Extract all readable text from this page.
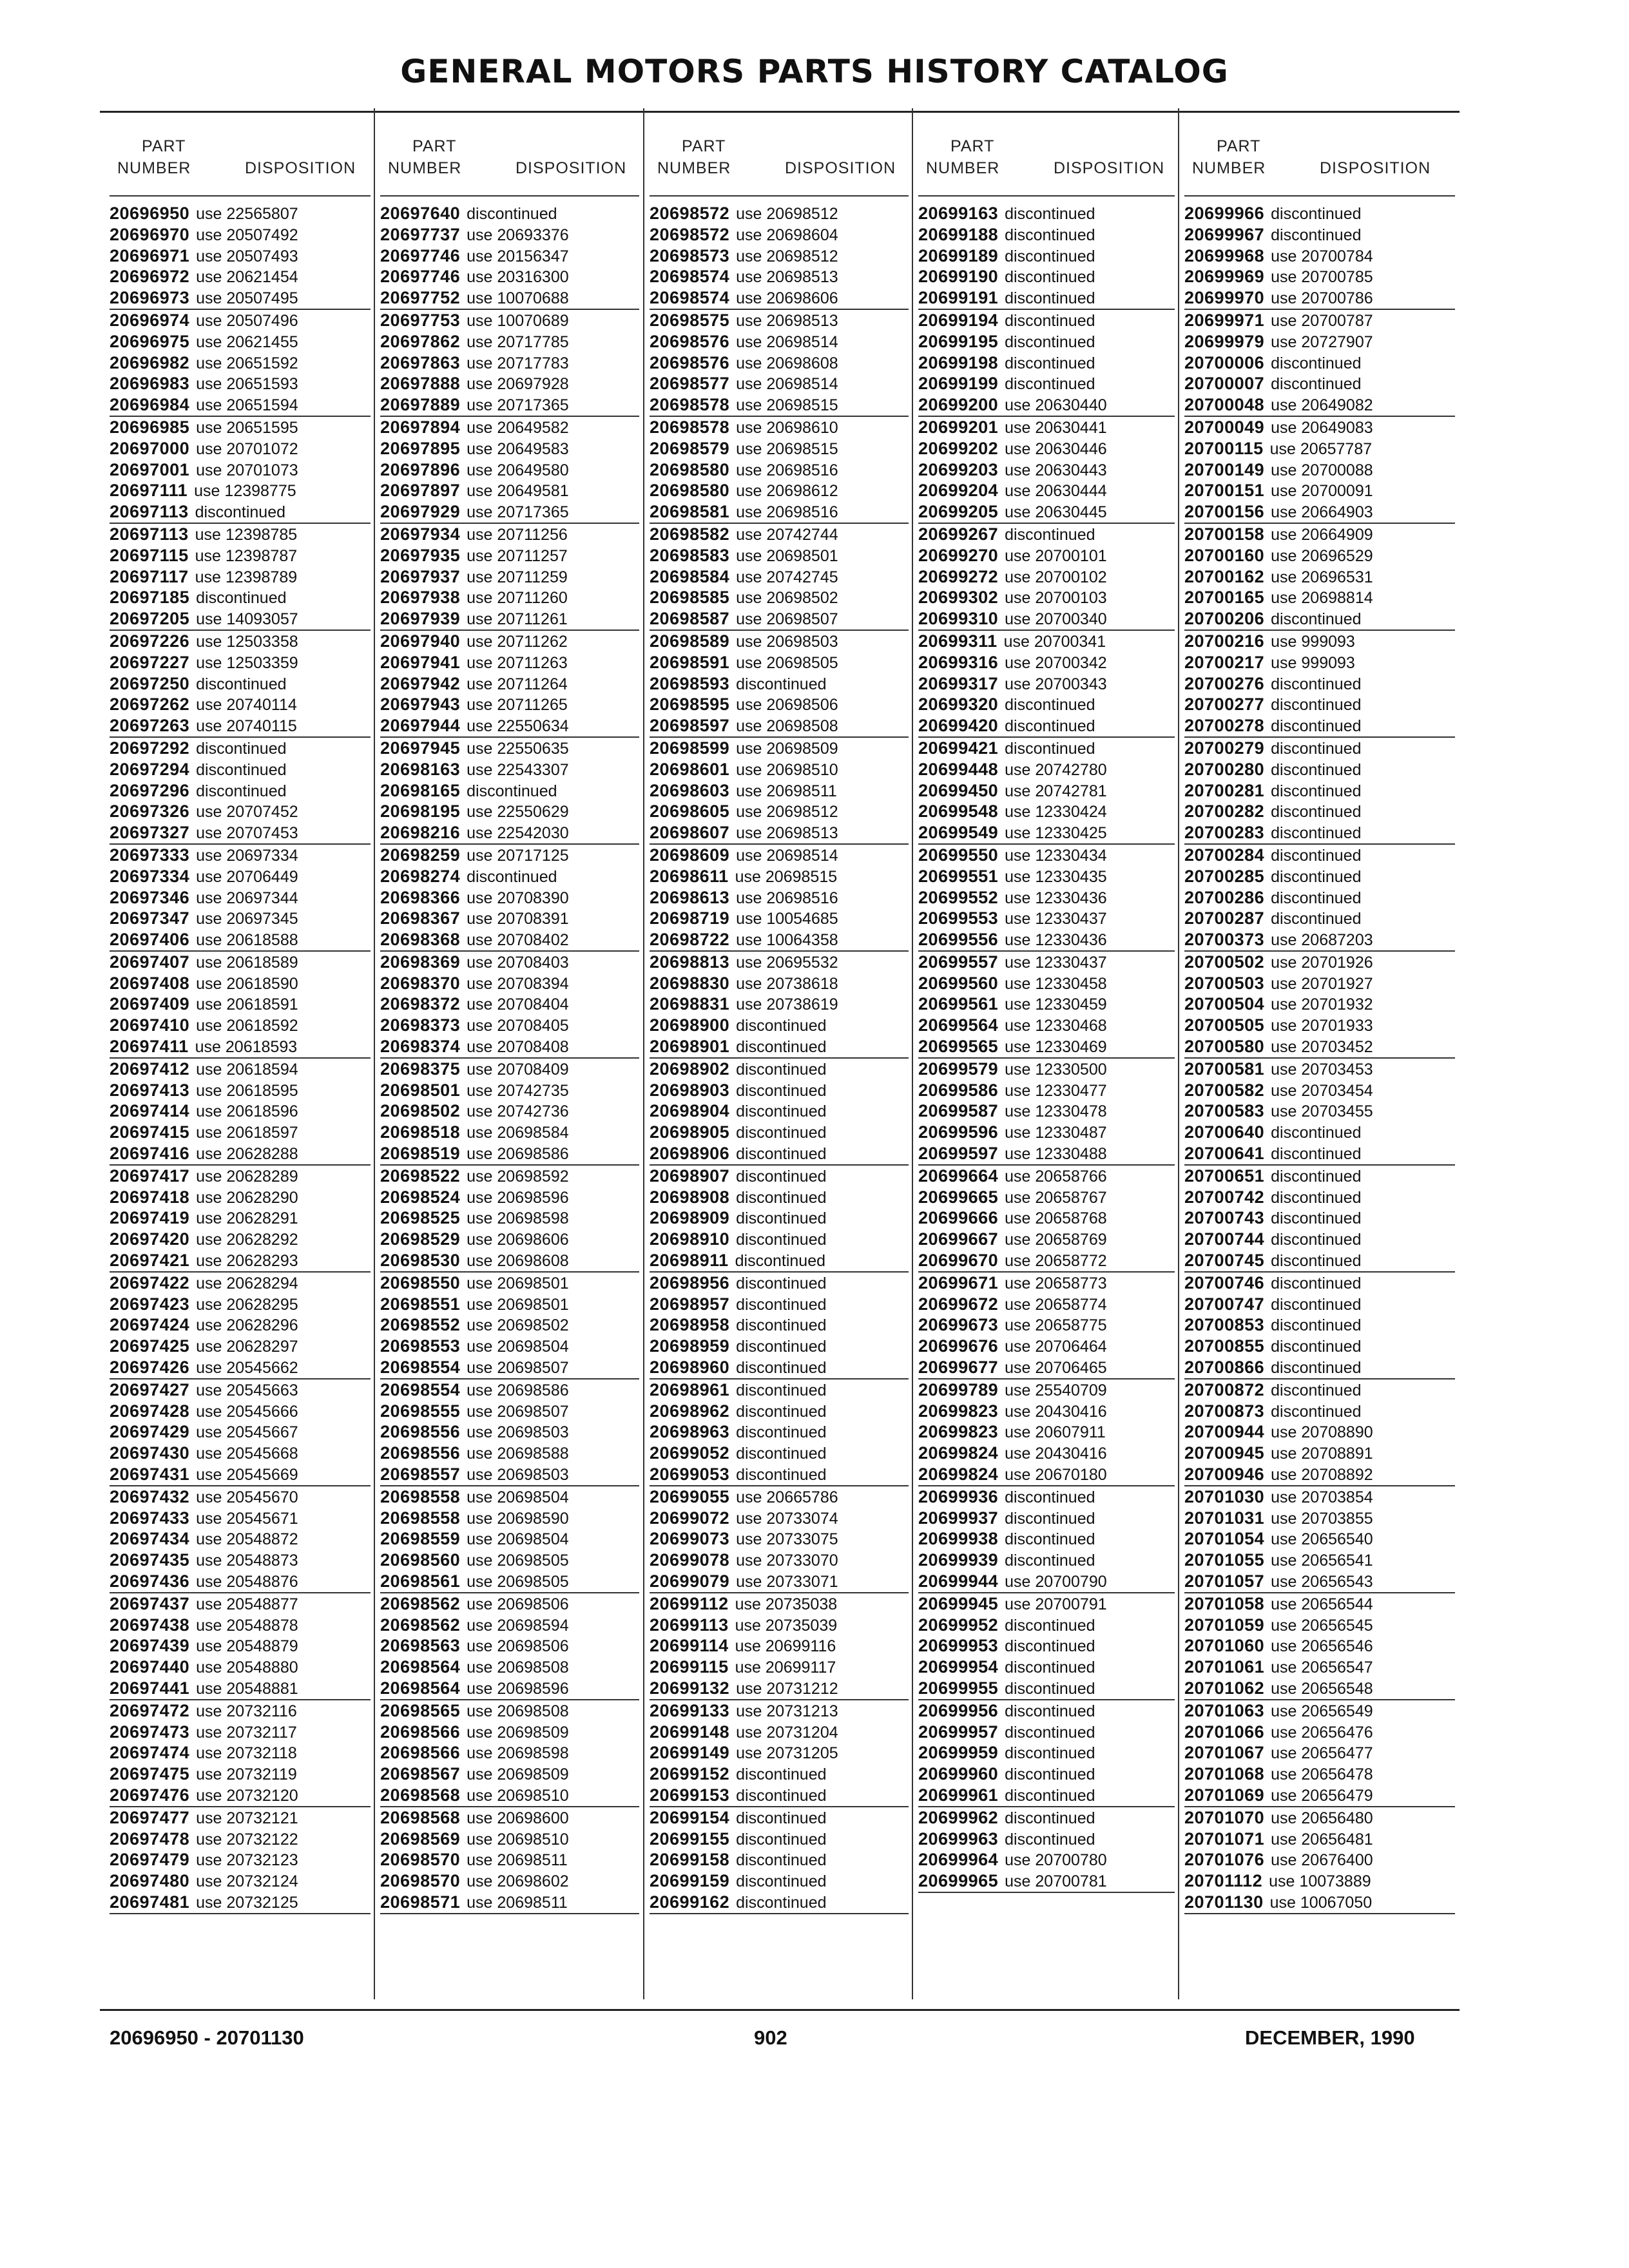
GENERAL MOTORS PARTS HISTORY CATALOG
PART
NUMBER	DISPOSITION
20696950 use 22565807
20696970 use 20507492
20696971 use 20507493
20696972 use 20621454
20696973 use 20507495
20696974 use 20507496
20696975 use 20621455
20696982 use 20651592
20696983 use 20651593
20696984 use 20651594
20696985 use 20651595
20697000 use 20701072
20697001 use 20701073
20697111 use 12398775
20697113 discontinued
20697113 use 12398785
20697115 use 12398787
20697117 use 12398789
20697185 discontinued
20697205 use 14093057
20697226 use 12503358
20697227 use 12503359
20697250 discontinued
20697262 use 20740114
20697263 use 20740115
20697292 discontinued
20697294 discontinued
20697296 discontinued
20697326 use 20707452
20697327 use 20707453
20697333 use 20697334
20697334 use 20706449
20697346 use 20697344
20697347 use 20697345
20697406 use 20618588
20697407 use 20618589
20697408 use 20618590
20697409 use 20618591
20697410 use 20618592
20697411 use 20618593
20697412 use 20618594
20697413 use 20618595
20697414 use 20618596
20697415 use 20618597
20697416 use 20628288
20697417 use 20628289
20697418 use 20628290
20697419 use 20628291
20697420 use 20628292
20697421 use 20628293
20697422 use 20628294
20697423 use 20628295
20697424 use 20628296
20697425 use 20628297
20697426 use 20545662
20697427 use 20545663
20697428 use 20545666
20697429 use 20545667
20697430 use 20545668
20697431 use 20545669
20697432 use 20545670
20697433 use 20545671
20697434 use 20548872
20697435 use 20548873
20697436 use 20548876
20697437 use 20548877
20697438 use 20548878
20697439 use 20548879
20697440 use 20548880
20697441 use 20548881
20697472 use 20732116
20697473 use 20732117
20697474 use 20732118
20697475 use 20732119
20697476 use 20732120
20697477 use 20732121
20697478 use 20732122
20697479 use 20732123
20697480 use 20732124
20697481 use 20732125
PART
NUMBER	DISPOSITION
20697640 discontinued
20697737 use 20693376
20697746 use 20156347
20697746 use 20316300
20697752 use 10070688
20697753 use 10070689
20697862 use 20717785
20697863 use 20717783
20697888 use 20697928
20697889 use 20717365
20697894 use 20649582
20697895 use 20649583
20697896 use 20649580
20697897 use 20649581
20697929 use 20717365
20697934 use 20711256
20697935 use 20711257
20697937 use 20711259
20697938 use 20711260
20697939 use 20711261
20697940 use 20711262
20697941 use 20711263
20697942 use 20711264
20697943 use 20711265
20697944 use 22550634
20697945 use 22550635
20698163 use 22543307
20698165 discontinued
20698195 use 22550629
20698216 use 22542030
20698259 use 20717125
20698274 discontinued
20698366 use 20708390
20698367 use 20708391
20698368 use 20708402
20698369 use 20708403
20698370 use 20708394
20698372 use 20708404
20698373 use 20708405
20698374 use 20708408
20698375 use 20708409
20698501 use 20742735
20698502 use 20742736
20698518 use 20698584
20698519 use 20698586
20698522 use 20698592
20698524 use 20698596
20698525 use 20698598
20698529 use 20698606
20698530 use 20698608
20698550 use 20698501
20698551 use 20698501
20698552 use 20698502
20698553 use 20698504
20698554 use 20698507
20698554 use 20698586
20698555 use 20698507
20698556 use 20698503
20698556 use 20698588
20698557 use 20698503
20698558 use 20698504
20698558 use 20698590
20698559 use 20698504
20698560 use 20698505
20698561 use 20698505
20698562 use 20698506
20698562 use 20698594
20698563 use 20698506
20698564 use 20698508
20698564 use 20698596
20698565 use 20698508
20698566 use 20698509
20698566 use 20698598
20698567 use 20698509
20698568 use 20698510
20698568 use 20698600
20698569 use 20698510
20698570 use 20698511
20698570 use 20698602
20698571 use 20698511
PART
NUMBER	DISPOSITION
20698572 use 20698512
20698572 use 20698604
20698573 use 20698512
20698574 use 20698513
20698574 use 20698606
20698575 use 20698513
20698576 use 20698514
20698576 use 20698608
20698577 use 20698514
20698578 use 20698515
20698578 use 20698610
20698579 use 20698515
20698580 use 20698516
20698580 use 20698612
20698581 use 20698516
20698582 use 20742744
20698583 use 20698501
20698584 use 20742745
20698585 use 20698502
20698587 use 20698507
20698589 use 20698503
20698591 use 20698505
20698593 discontinued
20698595 use 20698506
20698597 use 20698508
20698599 use 20698509
20698601 use 20698510
20698603 use 20698511
20698605 use 20698512
20698607 use 20698513
20698609 use 20698514
20698611 use 20698515
20698613 use 20698516
20698719 use 10054685
20698722 use 10064358
20698813 use 20695532
20698830 use 20738618
20698831 use 20738619
20698900 discontinued
20698901 discontinued
20698902 discontinued
20698903 discontinued
20698904 discontinued
20698905 discontinued
20698906 discontinued
20698907 discontinued
20698908 discontinued
20698909 discontinued
20698910 discontinued
20698911 discontinued
20698956 discontinued
20698957 discontinued
20698958 discontinued
20698959 discontinued
20698960 discontinued
20698961 discontinued
20698962 discontinued
20698963 discontinued
20699052 discontinued
20699053 discontinued
20699055 use 20665786
20699072 use 20733074
20699073 use 20733075
20699078 use 20733070
20699079 use 20733071
20699112 use 20735038
20699113 use 20735039
20699114 use 20699116
20699115 use 20699117
20699132 use 20731212
20699133 use 20731213
20699148 use 20731204
20699149 use 20731205
20699152 discontinued
20699153 discontinued
20699154 discontinued
20699155 discontinued
20699158 discontinued
20699159 discontinued
20699162 discontinued
PART
NUMBER	DISPOSITION
20699163 discontinued
20699188 discontinued
20699189 discontinued
20699190 discontinued
20699191 discontinued
20699194 discontinued
20699195 discontinued
20699198 discontinued
20699199 discontinued
20699200 use 20630440
20699201 use 20630441
20699202 use 20630446
20699203 use 20630443
20699204 use 20630444
20699205 use 20630445
20699267 discontinued
20699270 use 20700101
20699272 use 20700102
20699302 use 20700103
20699310 use 20700340
20699311 use 20700341
20699316 use 20700342
20699317 use 20700343
20699320 discontinued
20699420 discontinued
20699421 discontinued
20699448 use 20742780
20699450 use 20742781
20699548 use 12330424
20699549 use 12330425
20699550 use 12330434
20699551 use 12330435
20699552 use 12330436
20699553 use 12330437
20699556 use 12330436
20699557 use 12330437
20699560 use 12330458
20699561 use 12330459
20699564 use 12330468
20699565 use 12330469
20699579 use 12330500
20699586 use 12330477
20699587 use 12330478
20699596 use 12330487
20699597 use 12330488
20699664 use 20658766
20699665 use 20658767
20699666 use 20658768
20699667 use 20658769
20699670 use 20658772
20699671 use 20658773
20699672 use 20658774
20699673 use 20658775
20699676 use 20706464
20699677 use 20706465
20699789 use 25540709
20699823 use 20430416
20699823 use 20607911
20699824 use 20430416
20699824 use 20670180
20699936 discontinued
20699937 discontinued
20699938 discontinued
20699939 discontinued
20699944 use 20700790
20699945 use 20700791
20699952 discontinued
20699953 discontinued
20699954 discontinued
20699955 discontinued
20699956 discontinued
20699957 discontinued
20699959 discontinued
20699960 discontinued
20699961 discontinued
20699962 discontinued
20699963 discontinued
20699964 use 20700780
20699965 use 20700781
PART
NUMBER	DISPOSITION
20699966 discontinued
20699967 discontinued
20699968 use 20700784
20699969 use 20700785
20699970 use 20700786
20699971 use 20700787
20699979 use 20727907
20700006 discontinued
20700007 discontinued
20700048 use 20649082
20700049 use 20649083
20700115 use 20657787
20700149 use 20700088
20700151 use 20700091
20700156 use 20664903
20700158 use 20664909
20700160 use 20696529
20700162 use 20696531
20700165 use 20698814
20700206 discontinued
20700216 use 999093
20700217 use 999093
20700276 discontinued
20700277 discontinued
20700278 discontinued
20700279 discontinued
20700280 discontinued
20700281 discontinued
20700282 discontinued
20700283 discontinued
20700284 discontinued
20700285 discontinued
20700286 discontinued
20700287 discontinued
20700373 use 20687203
20700502 use 20701926
20700503 use 20701927
20700504 use 20701932
20700505 use 20701933
20700580 use 20703452
20700581 use 20703453
20700582 use 20703454
20700583 use 20703455
20700640 discontinued
20700641 discontinued
20700651 discontinued
20700742 discontinued
20700743 discontinued
20700744 discontinued
20700745 discontinued
20700746 discontinued
20700747 discontinued
20700853 discontinued
20700855 discontinued
20700866 discontinued
20700872 discontinued
20700873 discontinued
20700944 use 20708890
20700945 use 20708891
20700946 use 20708892
20701030 use 20703854
20701031 use 20703855
20701054 use 20656540
20701055 use 20656541
20701057 use 20656543
20701058 use 20656544
20701059 use 20656545
20701060 use 20656546
20701061 use 20656547
20701062 use 20656548
20701063 use 20656549
20701066 use 20656476
20701067 use 20656477
20701068 use 20656478
20701069 use 20656479
20701070 use 20656480
20701071 use 20656481
20701076 use 20676400
20701112 use 10073889
20701130 use 10067050
20696950 - 20701130	902	DECEMBER, 1990
